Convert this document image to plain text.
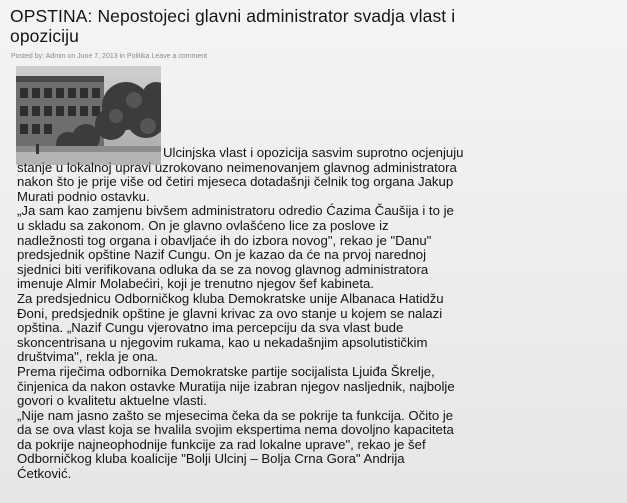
OPSTINA: Nepostojeci glavni administrator svadja vlast i
opoziciju
Posted by: Admin on June 7, 2013 in Politika Leave a comment
Ulcinjska vlast i opozicija sasvim suprotno ocjenjuju
stanje u lokalnoj upravi uzrokovano neimenovanjem glavnog administratora
nakon što je prije više od četiri mjeseca dotadašnji čelnik tog organa Jakup
Murati podnio ostavku.
„Ja sam kao zamjenu bivšem administratoru odredio Ćazima Čaušija i to je
u skladu sa zakonom. On je glavno ovlašćeno lice za poslove iz
nadležnosti tog organa i obavljaće ih do izbora novog", rekao je "Danu"
predsjednik opštine Nazif Cungu. On je kazao da će na prvoj narednoj
sjednici biti verifikovana odluka da se za novog glavnog administratora
imenuje Almir Molabećiri, koji je trenutno njegov šef kabineta.
Za predsjednicu Odborničkog kluba Demokratske unije Albanaca Hatidžu
Đoni, predsjednik opštine je glavni krivac za ovo stanje u kojem se nalazi
opština. „Nazif Cungu vjerovatno ima percepciju da sva vlast bude
skoncentrisana u njegovim rukama, kao u nekadašnjim apsolutističkim
društvima", rekla je ona.
Prema riječima odbornika Demokratske partije socijalista Ljuiđa Škrelje,
činjenica da nakon ostavke Muratija nije izabran njegov nasljednik, najbolje
govori o kvalitetu aktuelne vlasti.
„Nije nam jasno zašto se mjesecima čeka da se pokrije ta funkcija. Očito je
da se ova vlast koja se hvalila svojim ekspertima nema dovoljno kapaciteta
da pokrije najneophodnije funkcije za rad lokalne uprave", rekao je šef
Odborničkog kluba koalicije "Bolji Ulcinj – Bolja Crna Gora" Andrija
Ćetković.
